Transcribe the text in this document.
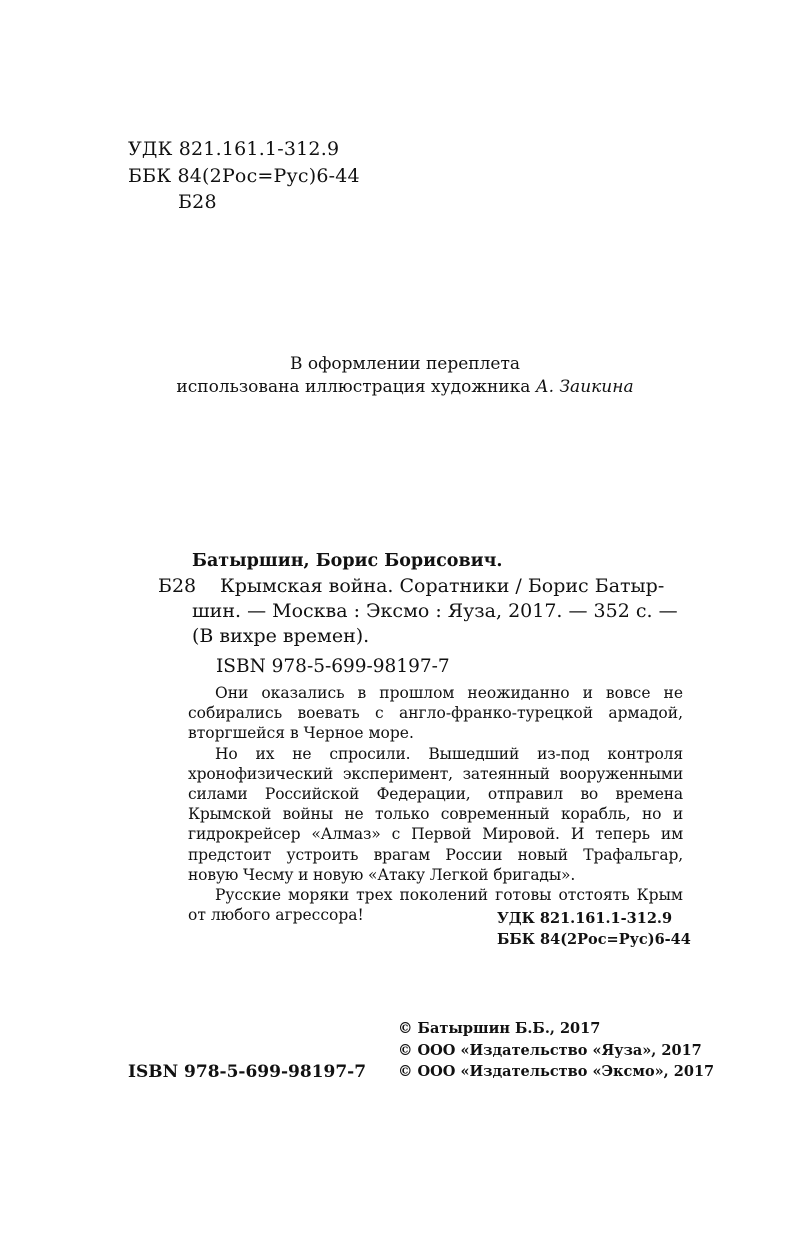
УДК 821.161.1-312.9
ББК 84(2Рос=Рус)6-44
Б28
В оформлении переплета
использована иллюстрация художника А. Заикина
Батыршин, Борис Борисович.
Б28 Крымская война. Соратники / Борис Батыр-
шин. — Москва : Эксмо : Яуза, 2017. — 352 с. —
(В вихре времен).
ISBN 978-5-699-98197-7

Они оказались в прошлом неожиданно и вовсе не собирались воевать с англо-франко-турецкой армадой, вторгшейся в Черное море.

Но их не спросили. Вышедший из-под контроля хронофизический эксперимент, затеянный вооруженными силами Российской Федерации, отправил во времена Крымской войны не только современный корабль, но и гидрокрейсер «Алмаз» с Первой Мировой. И теперь им предстоит устроить врагам России новый Трафальгар, новую Чесму и новую «Атаку Легкой бригады».

Русские моряки трех поколений готовы отстоять Крым от любого агрессора!	УДК 821.161.1-312.9
ББК 84(2Рос=Рус)6-44
© Батыршин Б.Б., 2017
© ООО «Издательство «Яуза», 2017
ISBN 978-5-699-98197-7 © ООО «Издательство «Эксмо», 2017
